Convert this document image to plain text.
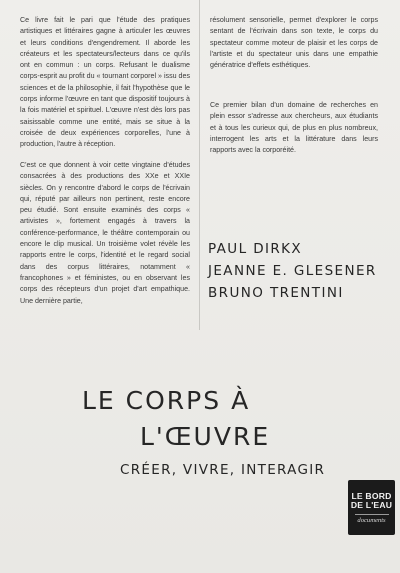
Ce livre fait le pari que l'étude des pratiques artistiques et littéraires gagne à articuler les œuvres et leurs conditions d'engendrement. Il aborde les créateurs et les spectateurs/lecteurs dans ce qu'ils ont en commun : un corps. Refusant le dualisme corps-esprit au profit du « tournant corporel » issu des sciences et de la philosophie, il fait l'hypothèse que le corps informe l'œuvre en tant que dispositif toujours à la fois matériel et spirituel. L'œuvre n'est dès lors pas saisissable comme une entité, mais se situe à la croisée de deux expériences corporelles, l'une à production, l'autre à réception.

C'est ce que donnent à voir cette vingtaine d'études consacrées à des productions des XXe et XXIe siècles. On y rencontre d'abord le corps de l'écrivain qui, réputé par ailleurs non pertinent, reste encore peu étudié. Sont ensuite examinés des corps « artivistes », fortement engagés à travers la conférence-performance, le théâtre contemporain ou encore le clip musical. Un troisième volet révèle les rapports entre le corps, l'identité et le regard social dans des corpus littéraires, notamment « francophones » et féministes, ou en observant les corps des récepteurs d'un projet d'art empathique. Une dernière partie,

résolument sensorielle, permet d'explorer le corps sentant de l'écrivain dans son texte, le corps du spectateur comme moteur de plaisir et les corps de l'artiste et du spectateur unis dans une empathie génératrice d'effets esthétiques.

Ce premier bilan d'un domaine de recherches en plein essor s'adresse aux chercheurs, aux étudiants et à tous les curieux qui, de plus en plus nombreux, interrogent les arts et la littérature dans leurs rapports avec la corporéité.

PAUL DIRKX
JEANNE E. GLESENER
BRUNO TRENTINI
LE CORPS À
L'ŒUVRE
CRÉER, VIVRE, INTERAGIR
LE BORD
DE L'EAU
documents
